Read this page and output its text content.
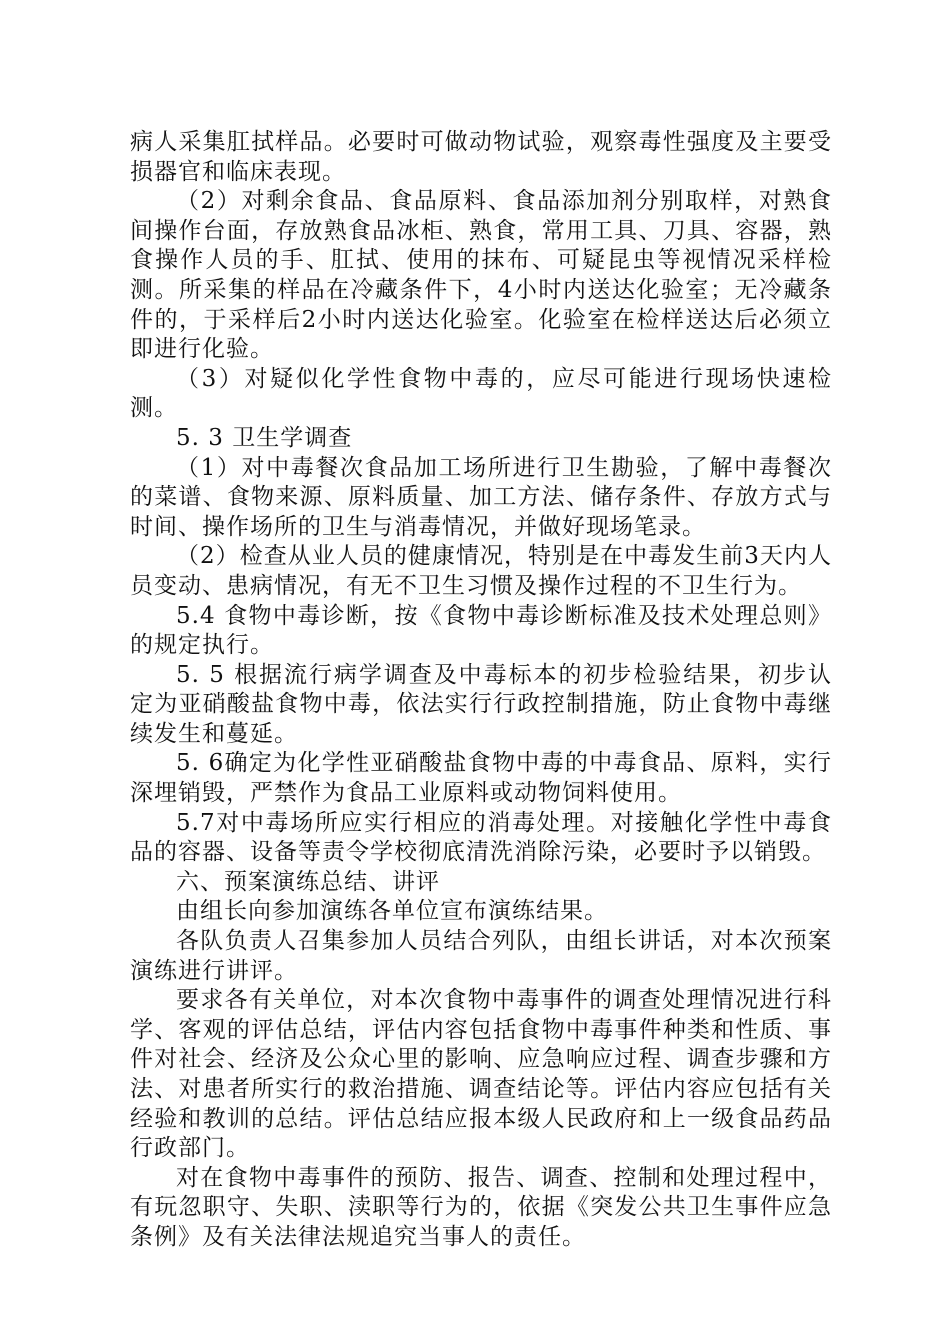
病人采集肛拭样品。必要时可做动物试验，观察毒性强度及主要受损器官和临床表现。

（2）对剩余食品、食品原料、食品添加剂分别取样，对熟食间操作台面，存放熟食品冰柜、熟食，常用工具、刀具、容器，熟食操作人员的手、肛拭、使用的抹布、可疑昆虫等视情况采样检测。所采集的样品在冷藏条件下，4小时内送达化验室；无冷藏条件的，于采样后2小时内送达化验室。化验室在检样送达后必须立即进行化验。

（3）对疑似化学性食物中毒的，应尽可能进行现场快速检测。

5. 3 卫生学调查

（1）对中毒餐次食品加工场所进行卫生勘验，了解中毒餐次的菜谱、食物来源、原料质量、加工方法、储存条件、存放方式与时间、操作场所的卫生与消毒情况，并做好现场笔录。

（2）检查从业人员的健康情况，特别是在中毒发生前3天内人员变动、患病情况，有无不卫生习惯及操作过程的不卫生行为。

5.4 食物中毒诊断，按《食物中毒诊断标准及技术处理总则》的规定执行。

5. 5 根据流行病学调查及中毒标本的初步检验结果，初步认定为亚硝酸盐食物中毒，依法实行行政控制措施，防止食物中毒继续发生和蔓延。

5. 6确定为化学性亚硝酸盐食物中毒的中毒食品、原料，实行深埋销毁，严禁作为食品工业原料或动物饲料使用。

5.7对中毒场所应实行相应的消毒处理。对接触化学性中毒食品的容器、设备等责令学校彻底清洗消除污染，必要时予以销毁。

六、预案演练总结、讲评

由组长向参加演练各单位宣布演练结果。

各队负责人召集参加人员结合列队，由组长讲话，对本次预案演练进行讲评。

要求各有关单位，对本次食物中毒事件的调查处理情况进行科学、客观的评估总结，评估内容包括食物中毒事件种类和性质、事件对社会、经济及公众心里的影响、应急响应过程、调查步骤和方法、对患者所实行的救治措施、调查结论等。评估内容应包括有关经验和教训的总结。评估总结应报本级人民政府和上一级食品药品行政部门。

对在食物中毒事件的预防、报告、调查、控制和处理过程中，有玩忽职守、失职、渎职等行为的，依据《突发公共卫生事件应急条例》及有关法律法规追究当事人的责任。
